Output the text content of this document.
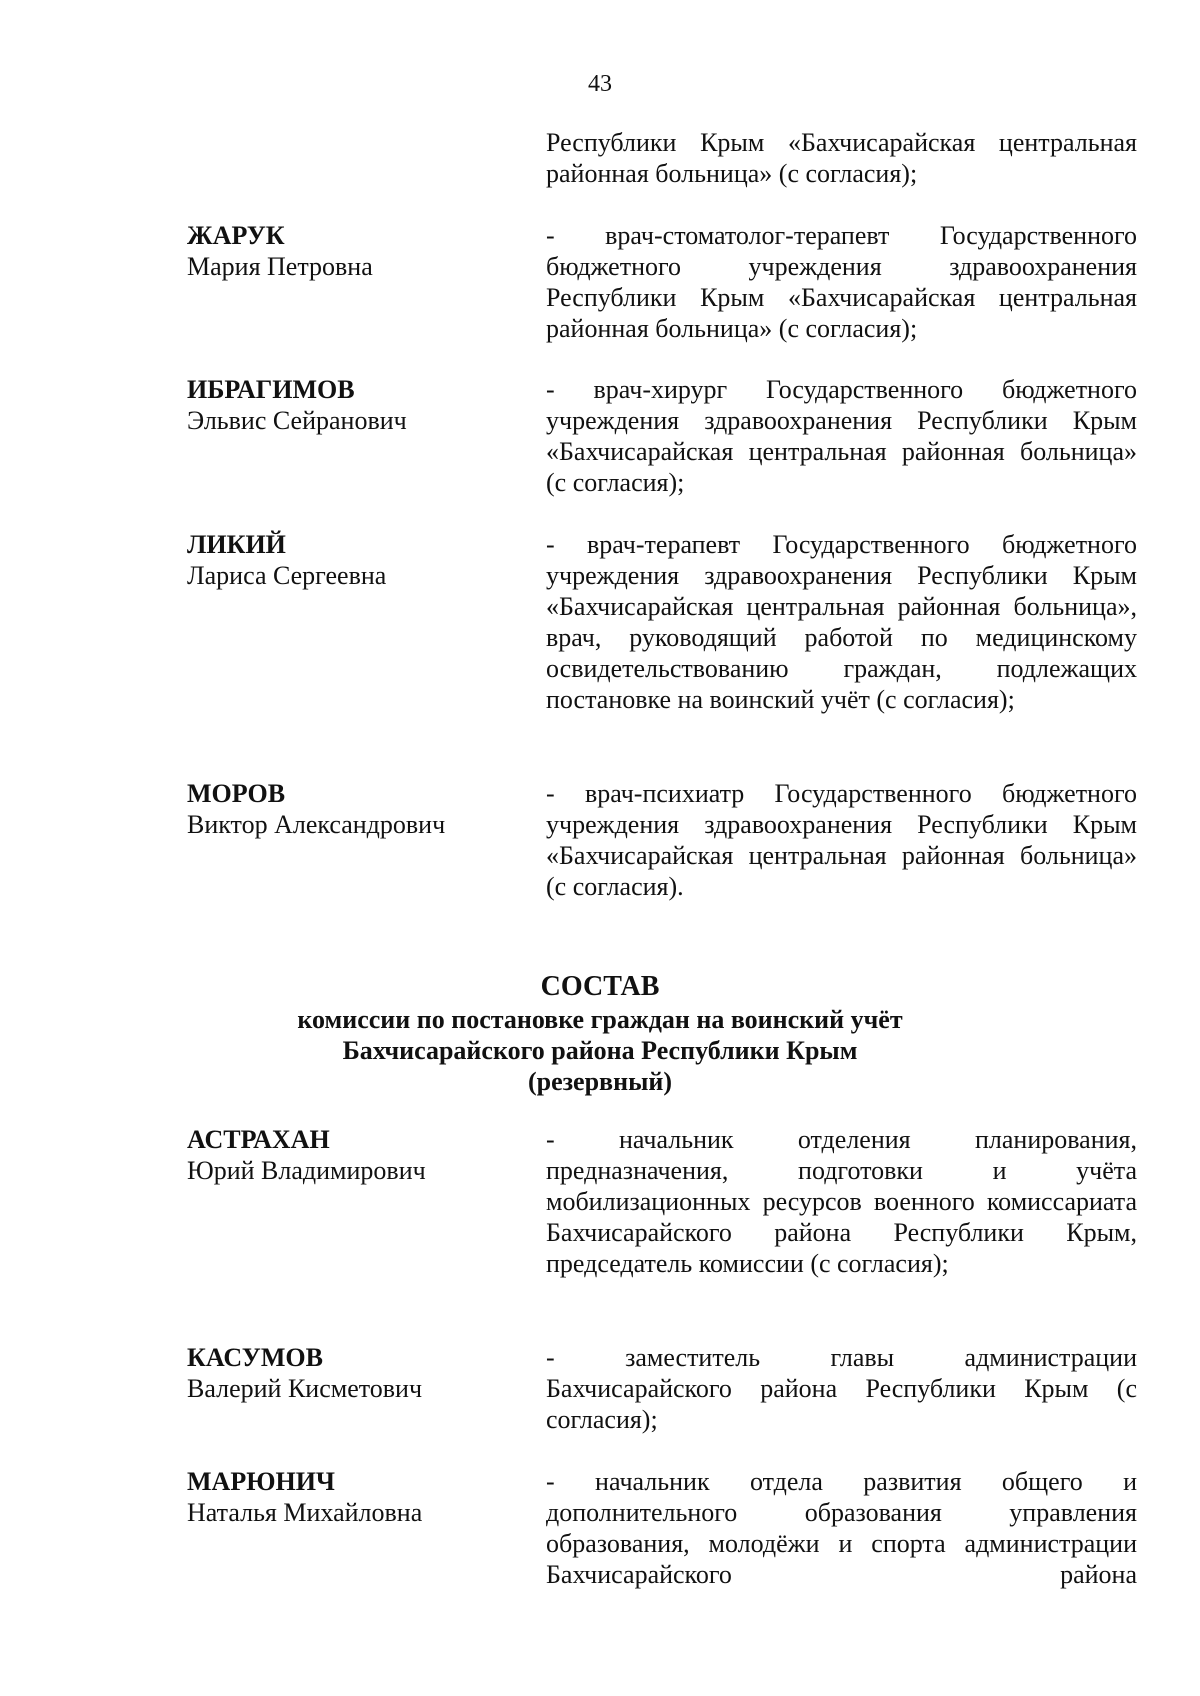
43
Республики Крым «Бахчисарайская центральная районная больница» (с согласия);
ЖАРУК
Мария Петровна
- врач-стоматолог-терапевт Государственного бюджетного учреждения здравоохранения Республики Крым «Бахчисарайская центральная районная больница» (с согласия);
ИБРАГИМОВ
Эльвис Сейранович
- врач-хирург Государственного бюджетного учреждения здравоохранения Республики Крым «Бахчисарайская центральная районная больница» (с согласия);
ЛИКИЙ
Лариса Сергеевна
- врач-терапевт Государственного бюджетного учреждения здравоохранения Республики Крым «Бахчисарайская центральная районная больница», врач, руководящий работой по медицинскому освидетельствованию граждан, подлежащих постановке на воинский учёт (с согласия);
МОРОВ
Виктор Александрович
- врач-психиатр Государственного бюджетного учреждения здравоохранения Республики Крым «Бахчисарайская центральная районная больница» (с согласия).
СОСТАВ
комиссии по постановке граждан на воинский учёт
Бахчисарайского района Республики Крым
(резервный)
АСТРАХАН
Юрий Владимирович
- начальник отделения планирования, предназначения, подготовки и учёта мобилизационных ресурсов военного комиссариата Бахчисарайского района Республики Крым, председатель комиссии (с согласия);
КАСУМОВ
Валерий Кисметович
- заместитель главы администрации Бахчисарайского района Республики Крым (с согласия);
МАРЮНИЧ
Наталья Михайловна
- начальник отдела развития общего и дополнительного образования управления образования, молодёжи и спорта администрации Бахчисарайского района
